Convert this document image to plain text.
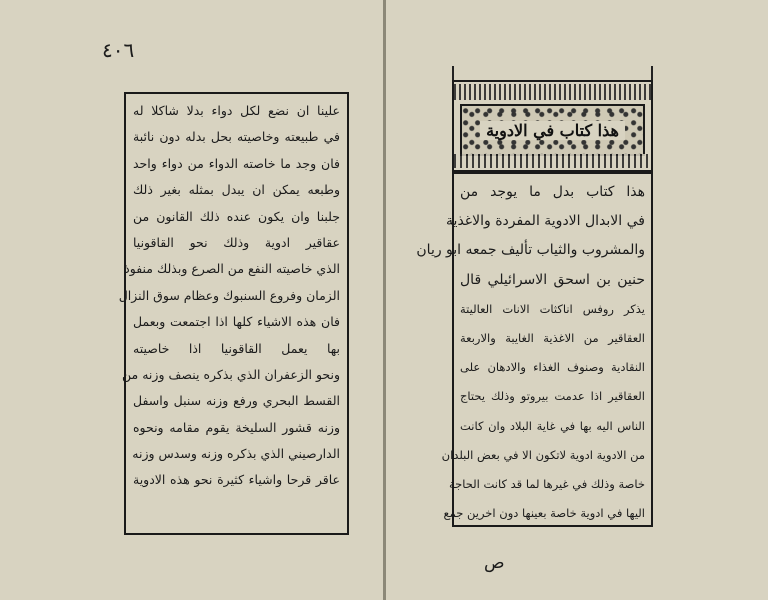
٤٠٦
علينا ان نضع لكل دواء بدلا شاكلا له
في طبيعته وخاصيته بحل بدله دون نائبة
فان وجد ما خاصته الدواء من دواء واحد
وطبعه يمكن ان يبدل بمثله بغير ذلك
جلبنا وان يكون عنده ذلك القانون من
عقاقير ادوية وذلك نحو القاقونيا
الذي خاصيته النفع من الصرع وبذلك منفوذ
الزمان وفروع السنبوك وعظام سوق النزال
فان هذه الاشياء كلها اذا اجتمعت وبعمل
بها يعمل القاقونيا اذا خاصيته
ونحو الزعفران الذي بذكره ينصف وزنه من
القسط البحري ورفع وزنه سنبل واسفل
وزنه قشور السليخة يقوم مقامه ونحوه
الدارصيني الذي بذكره وزنه وسدس وزنه
عاقر قرحا واشياء كثيرة نحو هذه الادوية
هذا كتاب في الادوية
هذا كتاب بدل ما يوجد من
في الابدال الادوية المفردة والاغذية
والمشروب والثياب تأليف جمعه ابو ريان
حنين بن اسحق الاسرائيلي قال
يذكر روفس اناكثات الانات العاليتة
العقاقير من الاغذية الغايبة والاربعة
النقادية وصنوف الغذاء والادهان على
العقاقير اذا عدمت بيروتو وذلك يحتاج
الناس اليه بها في غاية البلاد وان كانت
من الادوية ادوية لاتكون الا في بعض البلدان
خاصة وذلك في غيرها لما قد كانت الحاجة
اليها في ادوية خاصة بعينها دون اخرين جمع
ص
